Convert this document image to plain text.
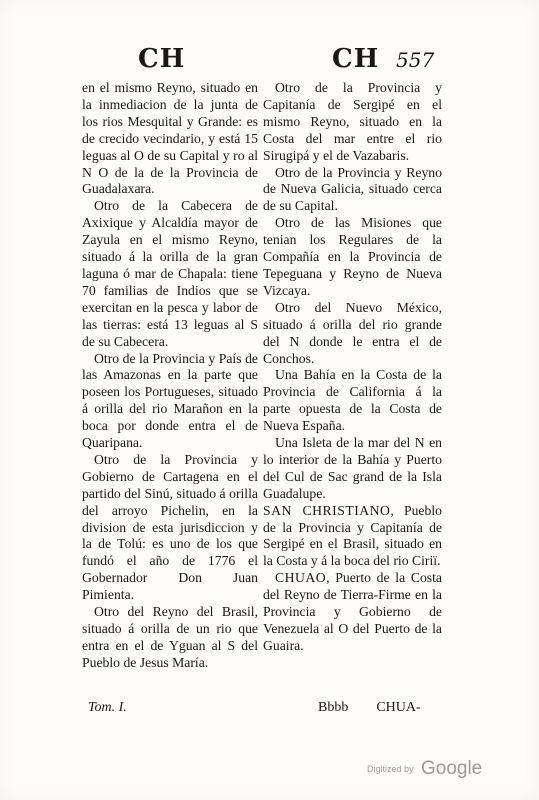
CH	CH 557

en el mismo Reyno, situado en la inmediacion de la junta de los rios Mesquital y Grande: es de crecido vecindario, y está 15 leguas al O de su Capital y ro al N O de la de la Provincia de Guadalaxara.

Otro de la Cabecera de Axixique y Alcaldía mayor de Zayula en el mismo Reyno, situado á la orilla de la gran laguna ó mar de Chapala: tiene 70 familias de Indios que se exercitan en la pesca y labor de las tierras: está 13 leguas al S de su Cabecera.

Otro de la Provincia y País de las Amazonas en la parte que poseen los Portugueses, situado á orilla del rio Marañon en la boca por donde entra el de Quaripana.

Otro de la Provincia y Gobierno de Cartagena en el partido del Sinú, situado á orilla del arroyo Pichelin, en la division de esta jurisdiccion y la de Tolú: es uno de los que fundó el año de 1776 el Gobernador Don Juan Pimienta.

Otro del Reyno del Brasil, situado á orilla de un rio que entra en el de Yguan al S del Pueblo de Jesus María.

Otro de la Provincia y Capitanía de Sergipé en el mismo Reyno, situado en la Costa del mar entre el rio Sirugipá y el de Vazabaris.

Otro de la Provincia y Reyno de Nueva Galicia, situado cerca de su Capital.

Otro de las Misiones que tenian los Regulares de la Compañía en la Provincia de Tepeguana y Reyno de Nueva Vizcaya.

Otro del Nuevo México, situado á orilla del rio grande del N donde le entra el de Conchos.

Una Bahía en la Costa de la Provincia de California á la parte opuesta de la Costa de Nueva España.

Una Isleta de la mar del N en lo interior de la Bahía y Puerto del Cul de Sac grand de la Isla Guadalupe.

SAN CHRISTIANO, Pueblo de la Provincia y Capitanía de Sergipé en el Brasil, situado en la Costa y á la boca del rio Ciriï.

CHUAO, Puerto de la Costa del Reyno de Tierra-Firme en la Provincia y Gobierno de Venezuela al O del Puerto de la Guaira.

Tom. I.	Bbbb CHUA-
Digitized by Google
